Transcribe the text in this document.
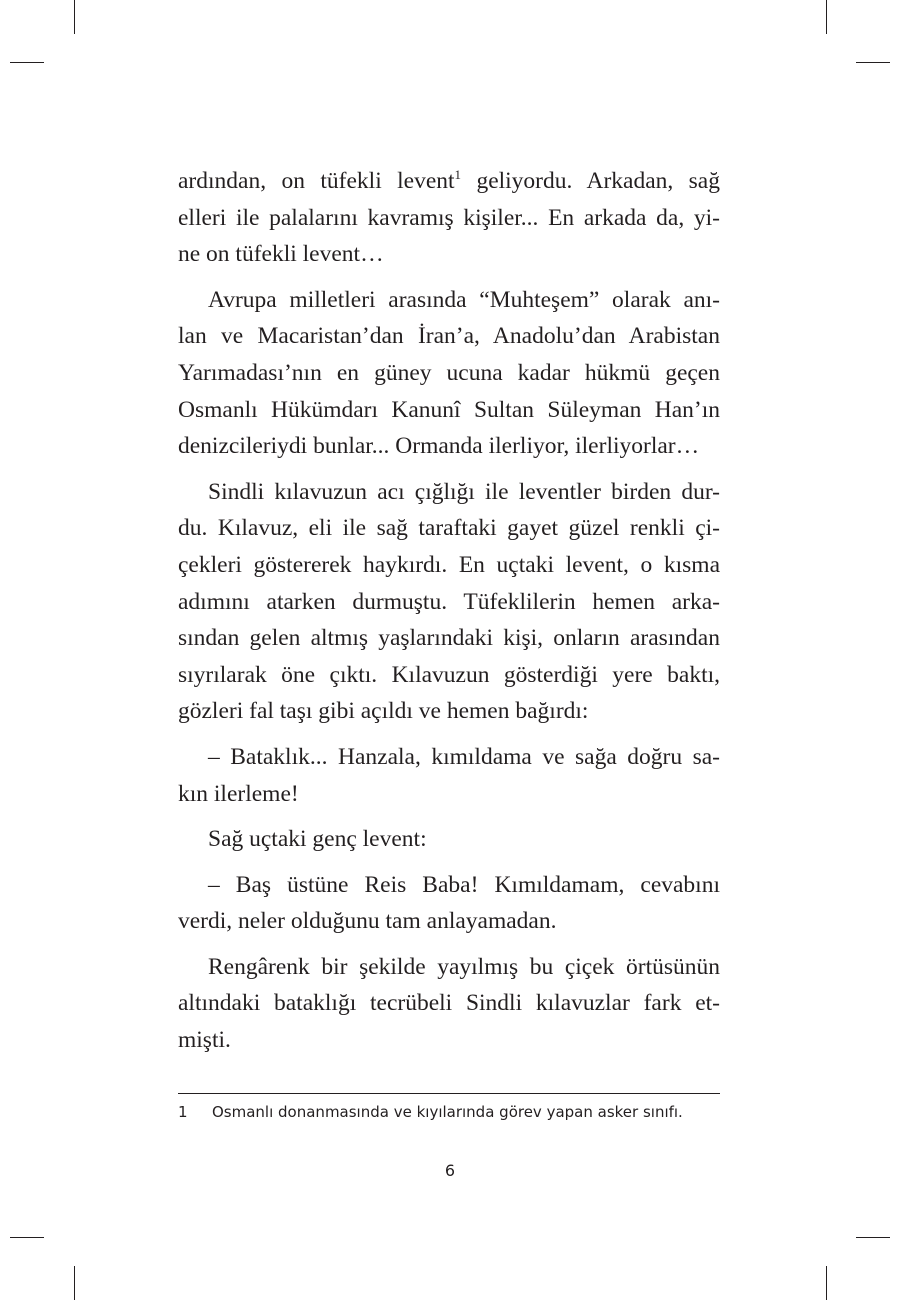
ardından, on tüfekli levent$^1$ geliyordu. Arkadan, sağ
elleri ile palalarını kavramış kişiler... En arkada da, yi-
ne on tüfekli levent…
Avrupa milletleri arasında “Muhteşem” olarak anı-
lan ve Macaristan’dan İran’a, Anadolu’dan Arabistan
Yarımadası’nın en güney ucuna kadar hükmü geçen
Osmanlı Hükümdarı Kanunî Sultan Süleyman Han’ın
denizcileriydi bunlar... Ormanda ilerliyor, ilerliyorlar…
Sindli kılavuzun acı çığlığı ile leventler birden dur-
du. Kılavuz, eli ile sağ taraftaki gayet güzel renkli çi-
çekleri göstererek haykırdı. En uçtaki levent, o kısma
adımını atarken durmuştu. Tüfeklilerin hemen arka-
sından gelen altmış yaşlarındaki kişi, onların arasından
sıyrılarak öne çıktı. Kılavuzun gösterdiği yere baktı,
gözleri fal taşı gibi açıldı ve hemen bağırdı:
– Bataklık... Hanzala, kımıldama ve sağa doğru sa-
kın ilerleme!
Sağ uçtaki genç levent:
– Baş üstüne Reis Baba! Kımıldamam, cevabını
verdi, neler olduğunu tam anlayamadan.
Rengârenk bir şekilde yayılmış bu çiçek örtüsünün
altındaki bataklığı tecrübeli Sindli kılavuzlar fark et-
mişti.
1 Osmanlı donanmasında ve kıyılarında görev yapan asker sınıfı.
6
